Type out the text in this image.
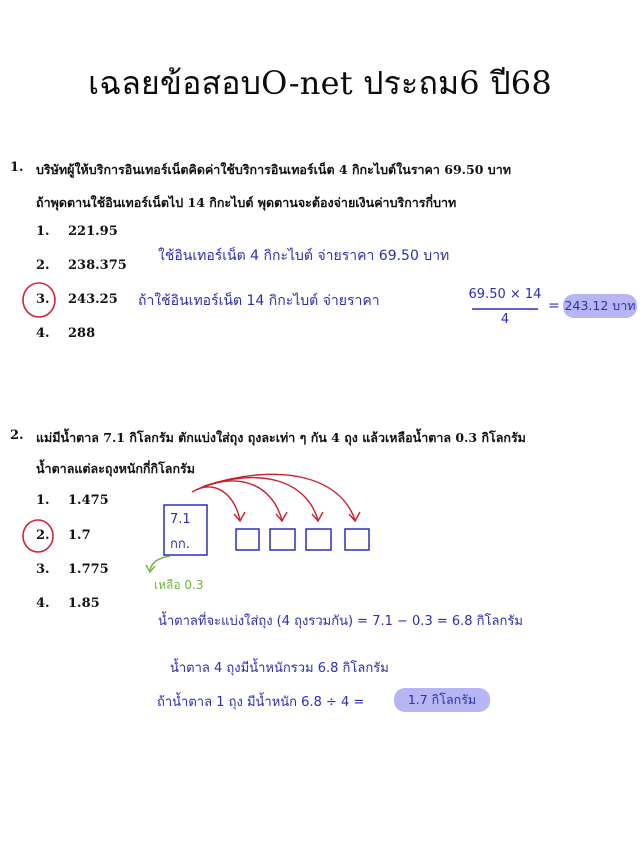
เฉลยข้อสอบO-net ประถม6 ปี68
1. บริษัทผู้ให้บริการอินเทอร์เน็ตคิดค่าใช้บริการอินเทอร์เน็ต 4 กิกะไบต์ในราคา 69.50 บาท
ถ้าพุดตานใช้อินเทอร์เน็ตไป 14 กิกะไบต์ พุดตานจะต้องจ่ายเงินค่าบริการกี่บาท
1. 221.95
2. 238.375
3. 243.25
4. 288
ใช้อินเทอร์เน็ต 4 กิกะไบต์ จ่ายราคา 69.50 บาท
ถ้าใช้อินเทอร์เน็ต 14 กิกะไบต์ จ่ายราคา	69.50 × 14
4
= 243.12 บาท
2. แม่มีน้ำตาล 7.1 กิโลกรัม ตักแบ่งใส่ถุง ถุงละเท่า ๆ กัน 4 ถุง แล้วเหลือน้ำตาล 0.3 กิโลกรัม
น้ำตาลแต่ละถุงหนักกี่กิโลกรัม
1. 1.475
2. 1.7
3. 1.775
4. 1.85
7.1
กก.
เหลือ 0.3
น้ำตาลที่จะแบ่งใส่ถุง (4 ถุงรวมกัน) = 7.1 − 0.3 = 6.8 กิโลกรัม
น้ำตาล 4 ถุงมีน้ำหนักรวม 6.8 กิโลกรัม
ถ้าน้ำตาล 1 ถุง มีน้ำหนัก 6.8 ÷ 4 =	1.7 กิโลกรัม
